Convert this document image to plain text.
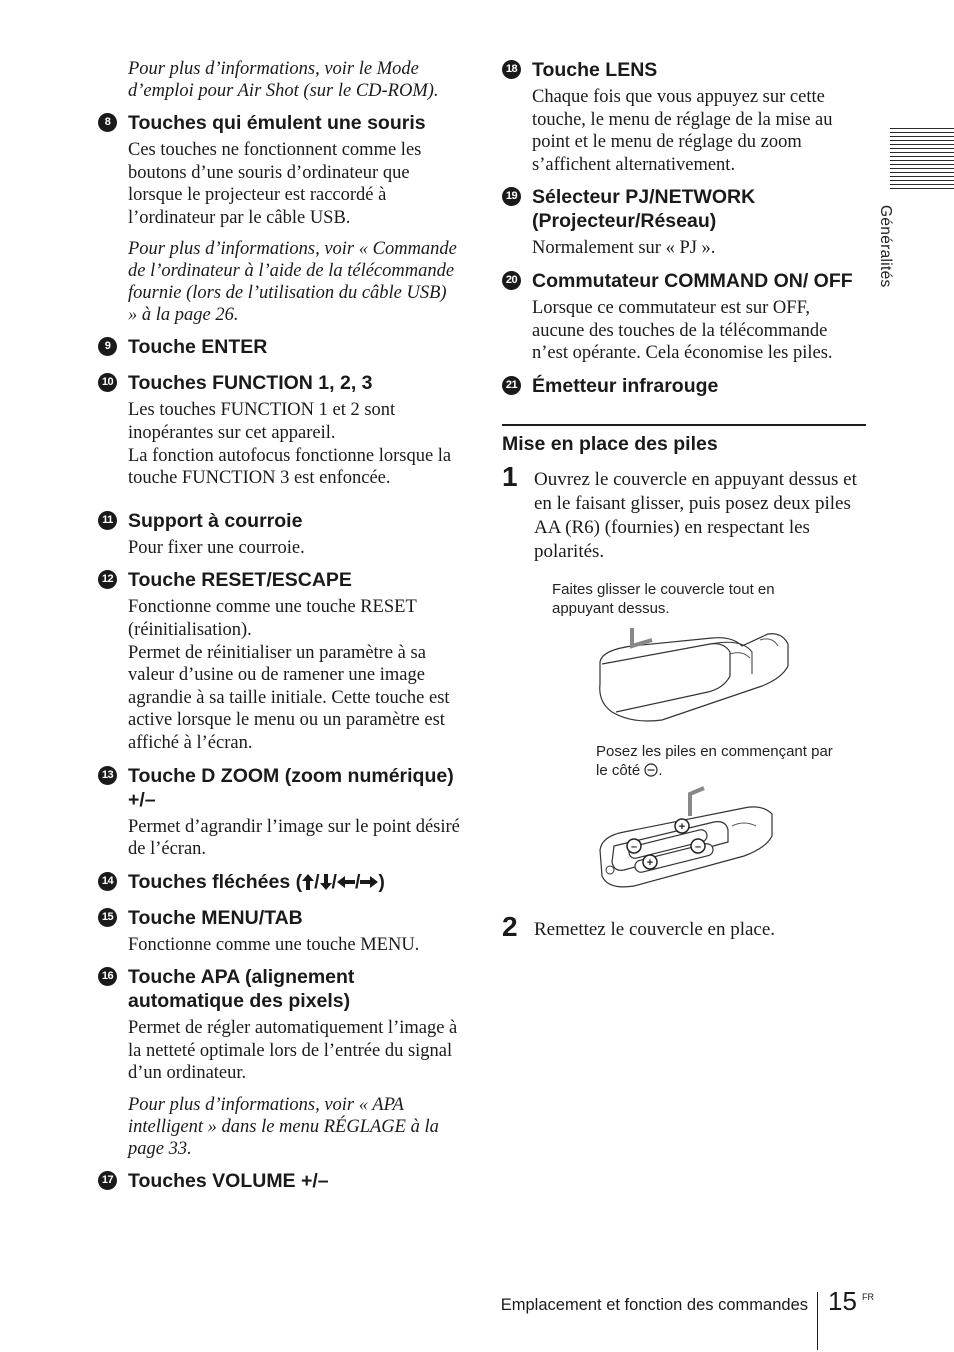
Généralités

Pour plus d’informations, voir le Mode d’emploi pour Air Shot (sur le CD-ROM).

8 Touches qui émulent une souris

Ces touches ne fonctionnent comme les boutons d’une souris d’ordinateur que lorsque le projecteur est raccordé à l’ordinateur par le câble USB.

Pour plus d’informations, voir « Commande de l’ordinateur à l’aide de la télécommande fournie (lors de l’utilisation du câble USB) » à la page 26.

9 Touche ENTER
10 Touches FUNCTION 1, 2, 3

Les touches FUNCTION 1 et 2 sont inopérantes sur cet appareil.

La fonction autofocus fonctionne lorsque la touche FUNCTION 3 est enfoncée.

11 Support à courroie

Pour fixer une courroie.

12 Touche RESET/ESCAPE

Fonctionne comme une touche RESET (réinitialisation).

Permet de réinitialiser un paramètre à sa valeur d’usine ou de ramener une image agrandie à sa taille initiale. Cette touche est active lorsque le menu ou un paramètre est affiché à l’écran.

13 Touche D ZOOM (zoom numérique) +/–

Permet d’agrandir l’image sur le point désiré de l’écran.

14 Touches fléchées ( / / / )
15 Touche MENU/TAB

Fonctionne comme une touche MENU.

16 Touche APA (alignement automatique des pixels)

Permet de régler automatiquement l’image à la netteté optimale lors de l’entrée du signal d’un ordinateur.

Pour plus d’informations, voir « APA intelligent » dans le menu RÉGLAGE à la page 33.

17 Touches VOLUME +/–
18 Touche LENS

Chaque fois que vous appuyez sur cette touche, le menu de réglage de la mise au point et le menu de réglage du zoom s’affichent alternativement.

19 Sélecteur PJ/NETWORK (Projecteur/Réseau)

Normalement sur « PJ ».

20 Commutateur COMMAND ON/ OFF

Lorsque ce commutateur est sur OFF, aucune des touches de la télécommande n’est opérante. Cela économise les piles.

21 Émetteur infrarouge
Mise en place des piles
1 Ouvrez le couvercle en appuyant dessus et en le faisant glisser, puis posez deux piles AA (R6) (fournies) en respectant les polarités.
Faites glisser le couvercle tout en appuyant dessus.
Posez les piles en commençant par le côté .
+
–
–
+
2 Remettez le couvercle en place.
Emplacement et fonction des commandes 15 FR
